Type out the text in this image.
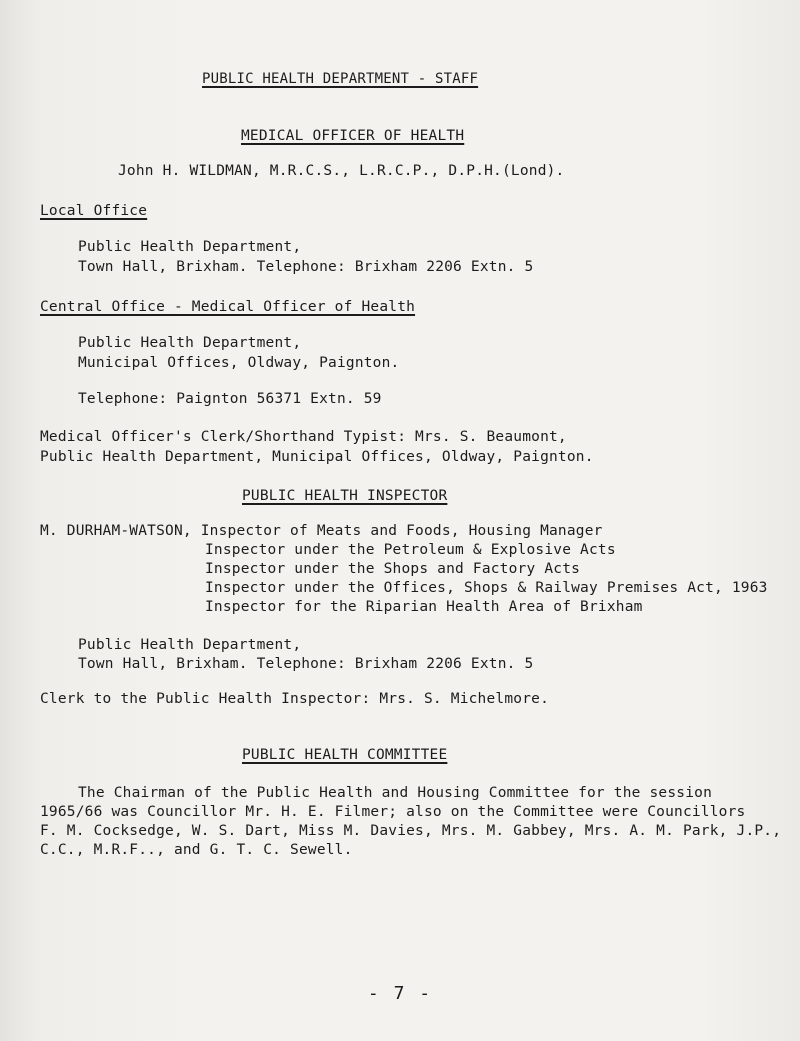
PUBLIC HEALTH DEPARTMENT - STAFF
MEDICAL OFFICER OF HEALTH
John H. WILDMAN, M.R.C.S., L.R.C.P., D.P.H.(Lond).
Local Office
Public Health Department,
Town Hall, Brixham. Telephone: Brixham 2206 Extn. 5
Central Office - Medical Officer of Health
Public Health Department,
Municipal Offices, Oldway, Paignton.
Telephone: Paignton 56371 Extn. 59
Medical Officer's Clerk/Shorthand Typist: Mrs. S. Beaumont,
Public Health Department, Municipal Offices, Oldway, Paignton.
PUBLIC HEALTH INSPECTOR
M. DURHAM-WATSON, Inspector of Meats and Foods, Housing Manager
Inspector under the Petroleum & Explosive Acts
Inspector under the Shops and Factory Acts
Inspector under the Offices, Shops & Railway Premises Act, 1963
Inspector for the Riparian Health Area of Brixham
Public Health Department,
Town Hall, Brixham. Telephone: Brixham 2206 Extn. 5
Clerk to the Public Health Inspector: Mrs. S. Michelmore.
PUBLIC HEALTH COMMITTEE
The Chairman of the Public Health and Housing Committee for the session
1965/66 was Councillor Mr. H. E. Filmer; also on the Committee were Councillors
F. M. Cocksedge, W. S. Dart, Miss M. Davies, Mrs. M. Gabbey, Mrs. A. M. Park, J.P.,
C.C., M.R.F.., and G. T. C. Sewell.
- 7 -
